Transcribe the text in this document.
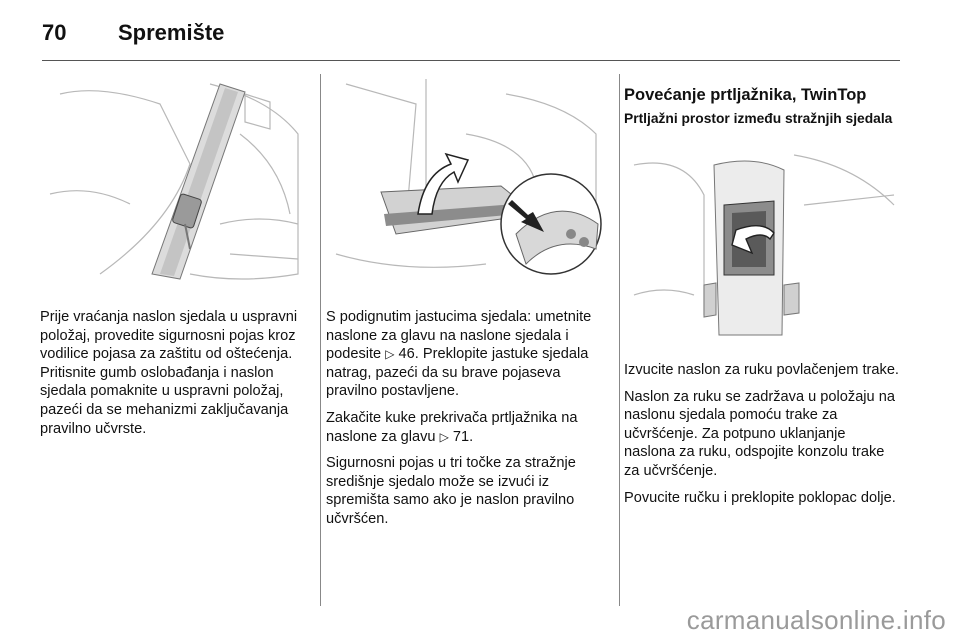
70	Spremište

Prije vraćanja naslon sjedala u uspravni položaj, provedite sigurnosni pojas kroz vodilice pojasa za zaštitu od oštećenja. Pritisnite gumb oslobađanja i naslon sjedala pomaknite u uspravni položaj, pazeći da se mehanizmi zaključavanja pravilno učvrste.

S podignutim jastucima sjedala: umetnite naslone za glavu na naslone sjedala i podesite ▷ 46. Preklopite jastuke sjedala natrag, pazeći da su brave pojaseva pravilno postavljene.

Zakačite kuke prekrivača prtljažnika na naslone za glavu ▷ 71.

Sigurnosni pojas u tri točke za stražnje središnje sjedalo može se izvući iz spremišta samo ako je naslon pravilno učvršćen.

Povećanje prtljažnika, TwinTop
Prtljažni prostor između stražnjih sjedala

Izvucite naslon za ruku povlačenjem trake.

Naslon za ruku se zadržava u položaju na naslonu sjedala pomoću trake za učvršćenje. Za potpuno uklanjanje naslona za ruku, odspojite konzolu trake za učvršćenje.

Povucite ručku i preklopite poklopac dolje.

carmanualsonline.info
